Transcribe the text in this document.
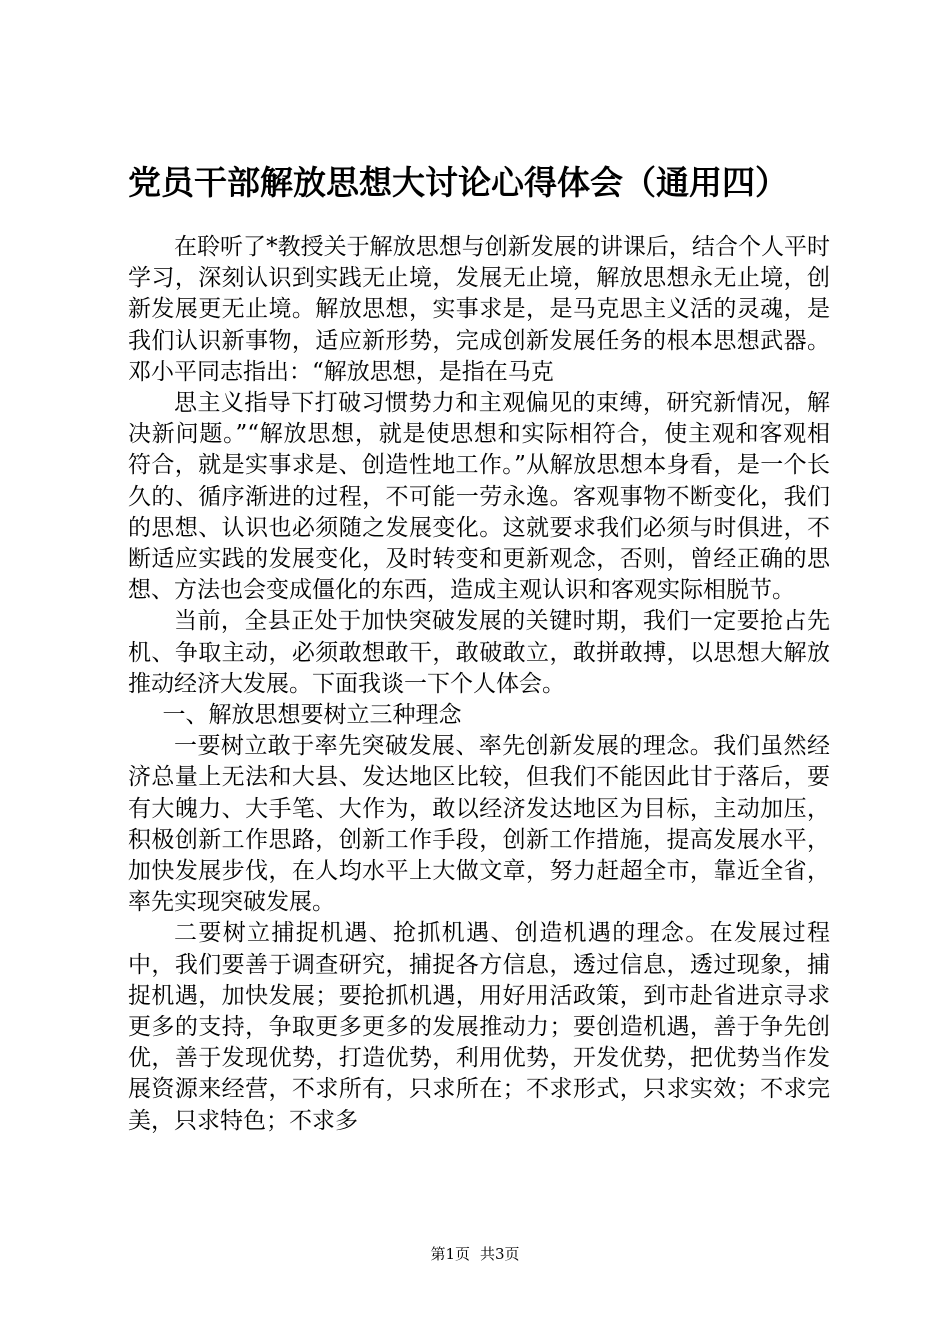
党员干部解放思想大讨论心得体会（通用四）

在聆听了*教授关于解放思想与创新发展的讲课后，结合个人平时学习，深刻认识到实践无止境，发展无止境，解放思想永无止境，创新发展更无止境。解放思想，实事求是，是马克思主义活的灵魂，是我们认识新事物，适应新形势，完成创新发展任务的根本思想武器。邓小平同志指出：“解放思想，是指在马克

思主义指导下打破习惯势力和主观偏见的束缚，研究新情况，解决新问题。”“解放思想，就是使思想和实际相符合，使主观和客观相符合，就是实事求是、创造性地工作。”从解放思想本身看，是一个长久的、循序渐进的过程，不可能一劳永逸。客观事物不断变化，我们的思想、认识也必须随之发展变化。这就要求我们必须与时俱进，不断适应实践的发展变化，及时转变和更新观念，否则，曾经正确的思想、方法也会变成僵化的东西，造成主观认识和客观实际相脱节。

当前，全县正处于加快突破发展的关键时期，我们一定要抢占先机、争取主动，必须敢想敢干，敢破敢立，敢拼敢搏，以思想大解放推动经济大发展。下面我谈一下个人体会。

一、解放思想要树立三种理念

一要树立敢于率先突破发展、率先创新发展的理念。我们虽然经济总量上无法和大县、发达地区比较，但我们不能因此甘于落后，要有大魄力、大手笔、大作为，敢以经济发达地区为目标，主动加压，积极创新工作思路，创新工作手段，创新工作措施，提高发展水平，加快发展步伐，在人均水平上大做文章，努力赶超全市，靠近全省，率先实现突破发展。

二要树立捕捉机遇、抢抓机遇、创造机遇的理念。在发展过程中，我们要善于调查研究，捕捉各方信息，透过信息，透过现象，捕捉机遇，加快发展；要抢抓机遇，用好用活政策，到市赴省进京寻求更多的支持，争取更多更多的发展推动力；要创造机遇，善于争先创优，善于发现优势，打造优势，利用优势，开发优势，把优势当作发展资源来经营，不求所有，只求所在；不求形式，只求实效；不求完美，只求特色；不求多

第1页 共3页
